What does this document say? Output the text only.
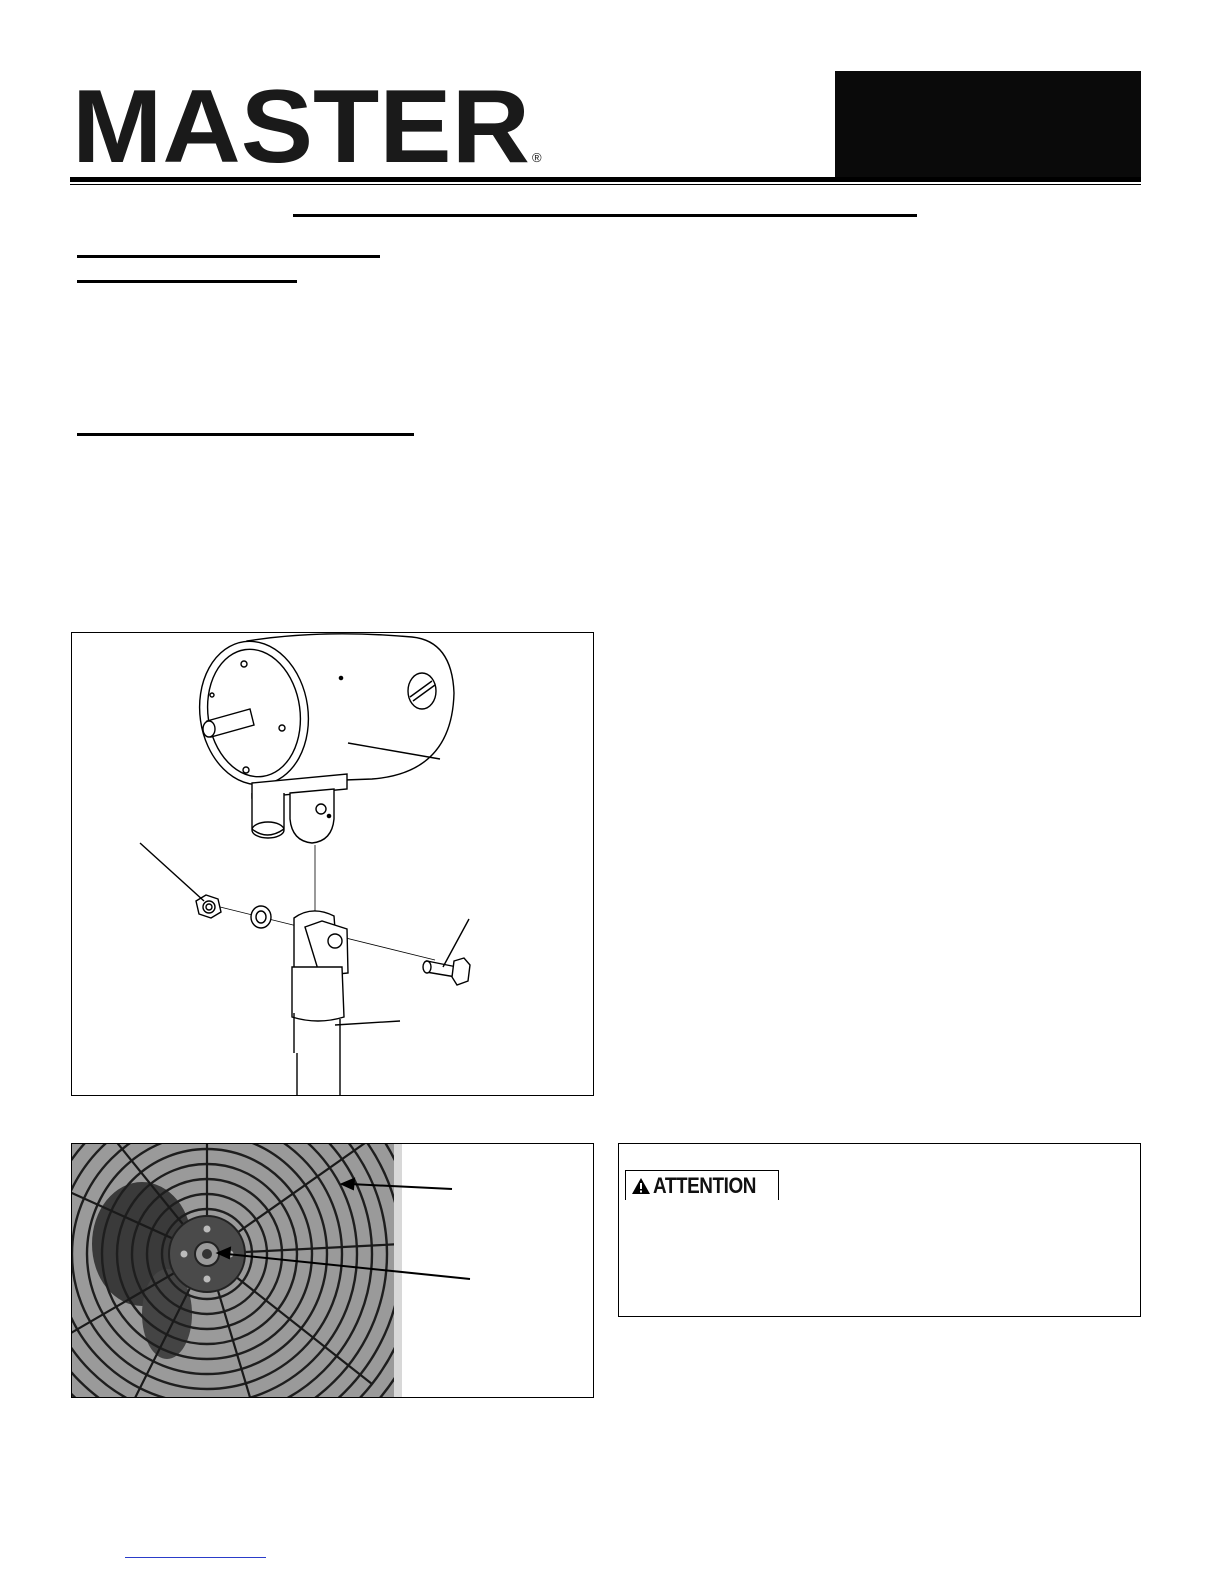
MASTER ®
ATTENTION
